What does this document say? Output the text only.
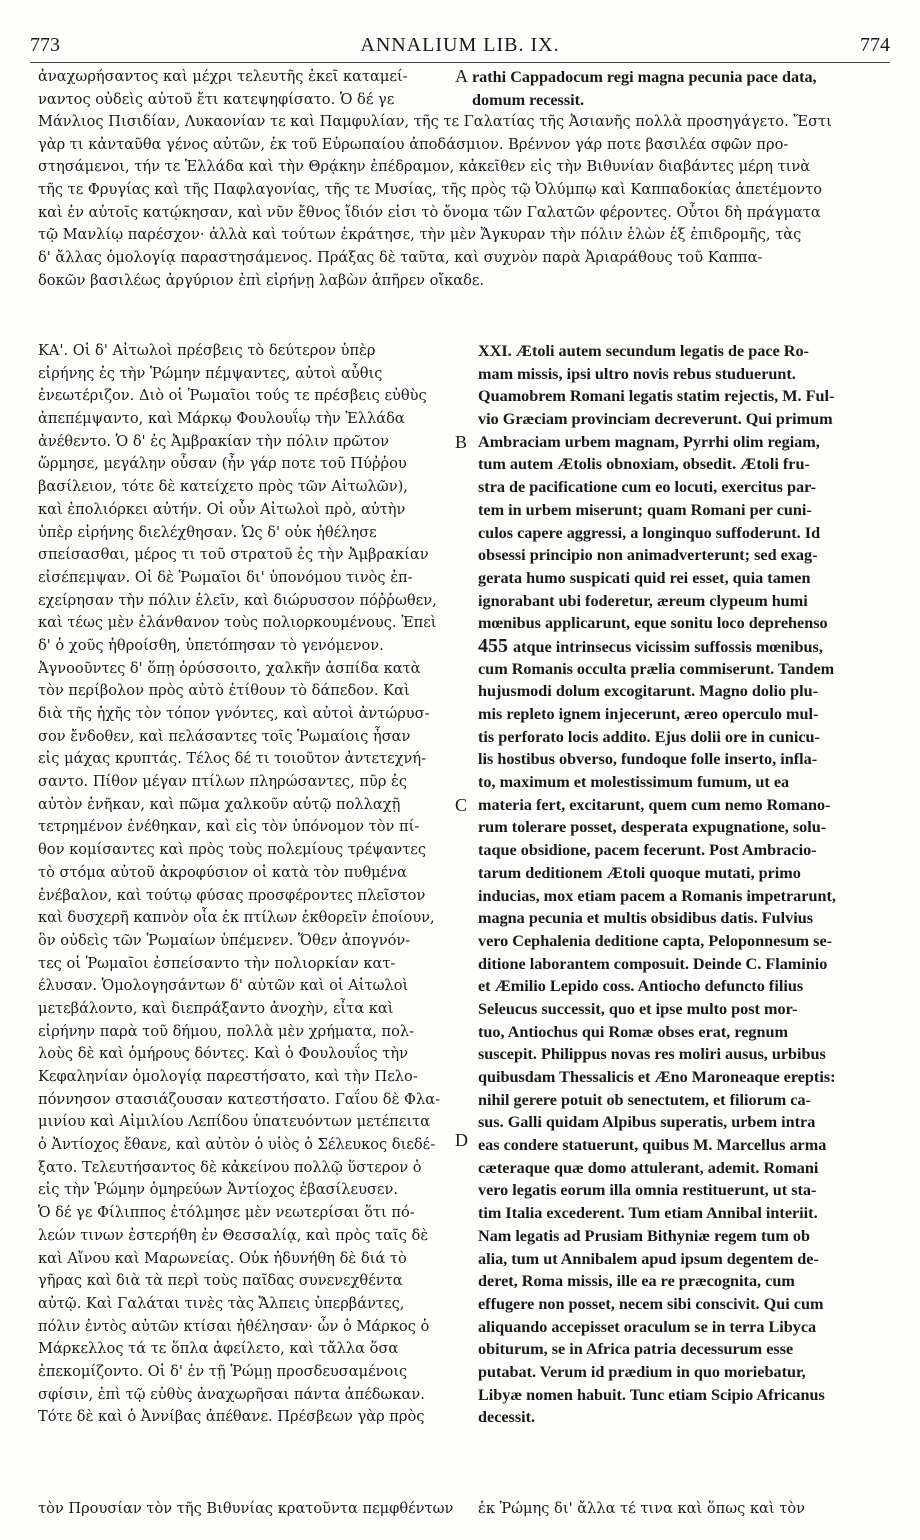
773	ANNALIUM LIB. IX.	774
ἀναχωρήσαντος καὶ μέχρι τελευτῆς ἐκεῖ καταμεί-
ναντος οὐδεὶς αὐτοῦ ἔτι κατεψηφίσατο. Ὁ δέ γε
A rathi Cappadocum regi magna pecunia pace data,
domum recessit.
Μάνλιος Πισιδίαν, Λυκαονίαν τε καὶ Παμφυλίαν, τῆς τε Γαλατίας τῆς Ἀσιανῆς πολλὰ προσηγάγετο. Ἔστι
γὰρ τι κἀνταῦθα γένος αὐτῶν, ἐκ τοῦ Εὐρωπαίου ἀποδάσμιον. Βρέννον γάρ ποτε βασιλέα σφῶν προ-
στησάμενοι, τήν τε Ἑλλάδα καὶ τὴν Θρᾴκην ἐπέδραμον, κἀκεῖθεν εἰς τὴν Βιθυνίαν διαβάντες μέρη τινὰ
τῆς τε Φρυγίας καὶ τῆς Παφλαγονίας, τῆς τε Μυσίας, τῆς πρὸς τῷ Ὀλύμπῳ καὶ Καππαδοκίας ἀπετέμοντο
καὶ ἐν αὐτοῖς κατῴκησαν, καὶ νῦν ἔθνος ἴδιόν εἰσι τὸ ὄνομα τῶν Γαλατῶν φέροντες. Οὗτοι δὴ πράγματα
τῷ Μανλίῳ παρέσχον· ἀλλὰ καὶ τούτων ἐκράτησε, τὴν μὲν Ἄγκυραν τὴν πόλιν ἑλὼν ἐξ ἐπιδρομῆς, τὰς
δ' ἄλλας ὁμολογίᾳ παραστησάμενος. Πράξας δὲ ταῦτα, καὶ συχνὸν παρὰ Ἀριαράθους τοῦ Καππα-
δοκῶν βασιλέως ἀργύριον ἐπὶ εἰρήνῃ λαβὼν ἀπῆρεν οἴκαδε.
ΚΑ'. Οἱ δ' Αἰτωλοὶ πρέσβεις τὸ δεύτερον ὑπὲρ
εἰρήνης ἐς τὴν Ῥώμην πέμψαντες, αὐτοὶ αὖθις
ἐνεωτέριζον. Διὸ οἱ Ῥωμαῖοι τούς τε πρέσβεις εὐθὺς
ἀπεπέμψαντο, καὶ Μάρκῳ Φουλουΐῳ τὴν Ἑλλάδα
ἀνέθεντο. Ὁ δ' ἐς Ἀμβρακίαν τὴν πόλιν πρῶτον
ὥρμησε, μεγάλην οὖσαν (ἦν γάρ ποτε τοῦ Πύῤῥου
βασίλειον, τότε δὲ κατείχετο πρὸς τῶν Αἰτωλῶν),
καὶ ἐπολιόρκει αὐτήν. Οἱ οὖν Αἰτωλοὶ πρὸ, αὐτὴν
ὑπὲρ εἰρήνης διελέχθησαν. Ὡς δ' οὐκ ἠθέλησε
σπείσασθαι, μέρος τι τοῦ στρατοῦ ἐς τὴν Ἀμβρακίαν
εἰσέπεμψαν. Οἱ δὲ Ῥωμαῖοι δι' ὑπονόμου τινὸς ἐπ-
εχείρησαν τὴν πόλιν ἑλεῖν, καὶ διώρυσσον πόῤῥωθεν,
καὶ τέως μὲν ἐλάνθανον τοὺς πολιορκουμένους. Ἐπεὶ
δ' ὁ χοῦς ἠθροίσθη, ὑπετόπησαν τὸ γενόμενον.
Ἀγνοοῦντες δ' ὅπῃ ὀρύσσοιτο, χαλκῆν ἀσπίδα κατὰ
τὸν περίβολον πρὸς αὐτὸ ἐτίθουν τὸ δάπεδον. Καὶ
διὰ τῆς ἠχῆς τὸν τόπον γνόντες, καὶ αὐτοὶ ἀντώρυσ-
σον ἔνδοθεν, καὶ πελάσαντες τοῖς Ῥωμαίοις ἦσαν
εἰς μάχας κρυπτάς. Τέλος δέ τι τοιοῦτον ἀντετεχνή-
σαντο. Πίθον μέγαν πτίλων πληρώσαντες, πῦρ ἐς
αὐτὸν ἐνῆκαν, καὶ πῶμα χαλκοῦν αὐτῷ πολλαχῇ
τετρημένον ἐνέθηκαν, καὶ εἰς τὸν ὑπόνομον τὸν πί-
θον κομίσαντες καὶ πρὸς τοὺς πολεμίους τρέψαντες
τὸ στόμα αὐτοῦ ἀκροφύσιον οἱ κατὰ τὸν πυθμένα
ἐνέβαλον, καὶ τούτῳ φύσας προσφέροντες πλεῖστον
καὶ δυσχερῆ καπνὸν οἷα ἐκ πτίλων ἐκθορεῖν ἐποίουν,
ὃν οὐδεὶς τῶν Ῥωμαίων ὑπέμενεν. Ὅθεν ἀπογνόν-
τες οἱ Ῥωμαῖοι ἐσπείσαντο τὴν πολιορκίαν κατ-
έλυσαν. Ὁμολογησάντων δ' αὐτῶν καὶ οἱ Αἰτωλοὶ
μετεβάλοντο, καὶ διεπράξαντο ἀνοχὴν, εἶτα καὶ
εἰρήνην παρὰ τοῦ δήμου, πολλὰ μὲν χρήματα, πολ-
λοὺς δὲ καὶ ὁμήρους δόντες. Καὶ ὁ Φουλουΐος τὴν
Κεφαληνίαν ὁμολογίᾳ παρεστήσατο, καὶ τὴν Πελο-
πόννησον στασιάζουσαν κατεστήσατο. Γαΐου δὲ Φλα-
μινίου καὶ Αἰμιλίου Λεπίδου ὑπατευόντων μετέπειτα
ὁ Ἀντίοχος ἔθανε, καὶ αὐτὸν ὁ υἱὸς ὁ Σέλευκος διεδέ-
ξατο. Τελευτήσαντος δὲ κἀκείνου πολλῷ ὕστερον ὁ
εἰς τὴν Ῥώμην ὁμηρεύων Ἀντίοχος ἐβασίλευσεν.
Ὁ δέ γε Φίλιππος ἐτόλμησε μὲν νεωτερίσαι ὅτι πό-
λεών τινων ἐστερήθη ἐν Θεσσαλίᾳ, καὶ πρὸς ταῖς δὲ
καὶ Αἴνου καὶ Μαρωνείας. Οὐκ ἠδυνήθη δὲ διά τὸ
γῆρας καὶ διὰ τὰ περὶ τοὺς παῖδας συνενεχθέντα
αὐτῷ. Καὶ Γαλάται τινὲς τὰς Ἄλπεις ὑπερβάντες,
πόλιν ἐντὸς αὐτῶν κτίσαι ἠθέλησαν· ὧν ὁ Μάρκος ὁ
Μάρκελλος τά τε ὅπλα ἀφείλετο, καὶ τἄλλα ὅσα
ἐπεκομίζοντο. Οἱ δ' ἐν τῇ Ῥώμῃ προσδευσαμένοις
σφίσιν, ἐπὶ τῷ εὐθὺς ἀναχωρῆσαι πάντα ἀπέδωκαν.
Τότε δὲ καὶ ὁ Ἀννίβας ἀπέθανε. Πρέσβεων γὰρ πρὸς
XXI. Ætoli autem secundum legatis de pace Ro-
mam missis, ipsi ultro novis rebus studuerunt.
Quamobrem Romani legatis statim rejectis, M. Ful-
vio Græciam provinciam decreverunt. Qui primum
Ambraciam urbem magnam, Pyrrhi olim regiam,
tum autem Ætolis obnoxiam, obsedit. Ætoli fru-
stra de pacificatione cum eo locuti, exercitus par-
tem in urbem miserunt; quam Romani per cuni-
culos capere aggressi, a longinquo suffoderunt. Id
obsessi principio non animadverterunt; sed exag-
gerata humo suspicati quid rei esset, quia tamen
ignorabant ubi foderetur, æreum clypeum humi
mœnibus applicarunt, eque sonitu loco deprehenso
455 atque intrinsecus vicissim suffossis mœnibus,
cum Romanis occulta prælia commiserunt. Tandem
hujusmodi dolum excogitarunt. Magno dolio plu-
mis repleto ignem injecerunt, æreo operculo mul-
tis perforato locis addito. Ejus dolii ore in cunicu-
lis hostibus obverso, fundoque folle inserto, infla-
to, maximum et molestissimum fumum, ut ea
materia fert, excitarunt, quem cum nemo Romano-
rum tolerare posset, desperata expugnatione, solu-
taque obsidione, pacem fecerunt. Post Ambracio-
tarum deditionem Ætoli quoque mutati, primo
inducias, mox etiam pacem a Romanis impetrarunt,
magna pecunia et multis obsidibus datis. Fulvius
vero Cephalenia deditione capta, Peloponnesum se-
ditione laborantem composuit. Deinde C. Flaminio
et Æmilio Lepido coss. Antiocho defuncto filius
Seleucus successit, quo et ipse multo post mor-
tuo, Antiochus qui Romæ obses erat, regnum
suscepit. Philippus novas res moliri ausus, urbibus
quibusdam Thessalicis et Æno Maroneaque ereptis:
nihil gerere potuit ob senectutem, et filiorum ca-
sus. Galli quidam Alpibus superatis, urbem intra
eas condere statuerunt, quibus M. Marcellus arma
cæteraque quæ domo attulerant, ademit. Romani
vero legatis eorum illa omnia restituerunt, ut sta-
tim Italia excederent. Tum etiam Annibal interiit.
Nam legatis ad Prusiam Bithyniæ regem tum ob
alia, tum ut Annibalem apud ipsum degentem de-
deret, Roma missis, ille ea re præcognita, cum
effugere non posset, necem sibi conscivit. Qui cum
aliquando accepisset oraculum se in terra Libyca
obiturum, se in Africa patria decessurum esse
putabat. Verum id prædium in quo moriebatur,
Libyæ nomen habuit. Tunc etiam Scipio Africanus
decessit.
B
C
D
τὸν Προυσίαν τὸν τῆς Βιθυνίας κρατοῦντα πεμφθέντων ἐκ Ῥώμης δι' ἄλλα τέ τινα καὶ ὅπως καὶ τὸν
